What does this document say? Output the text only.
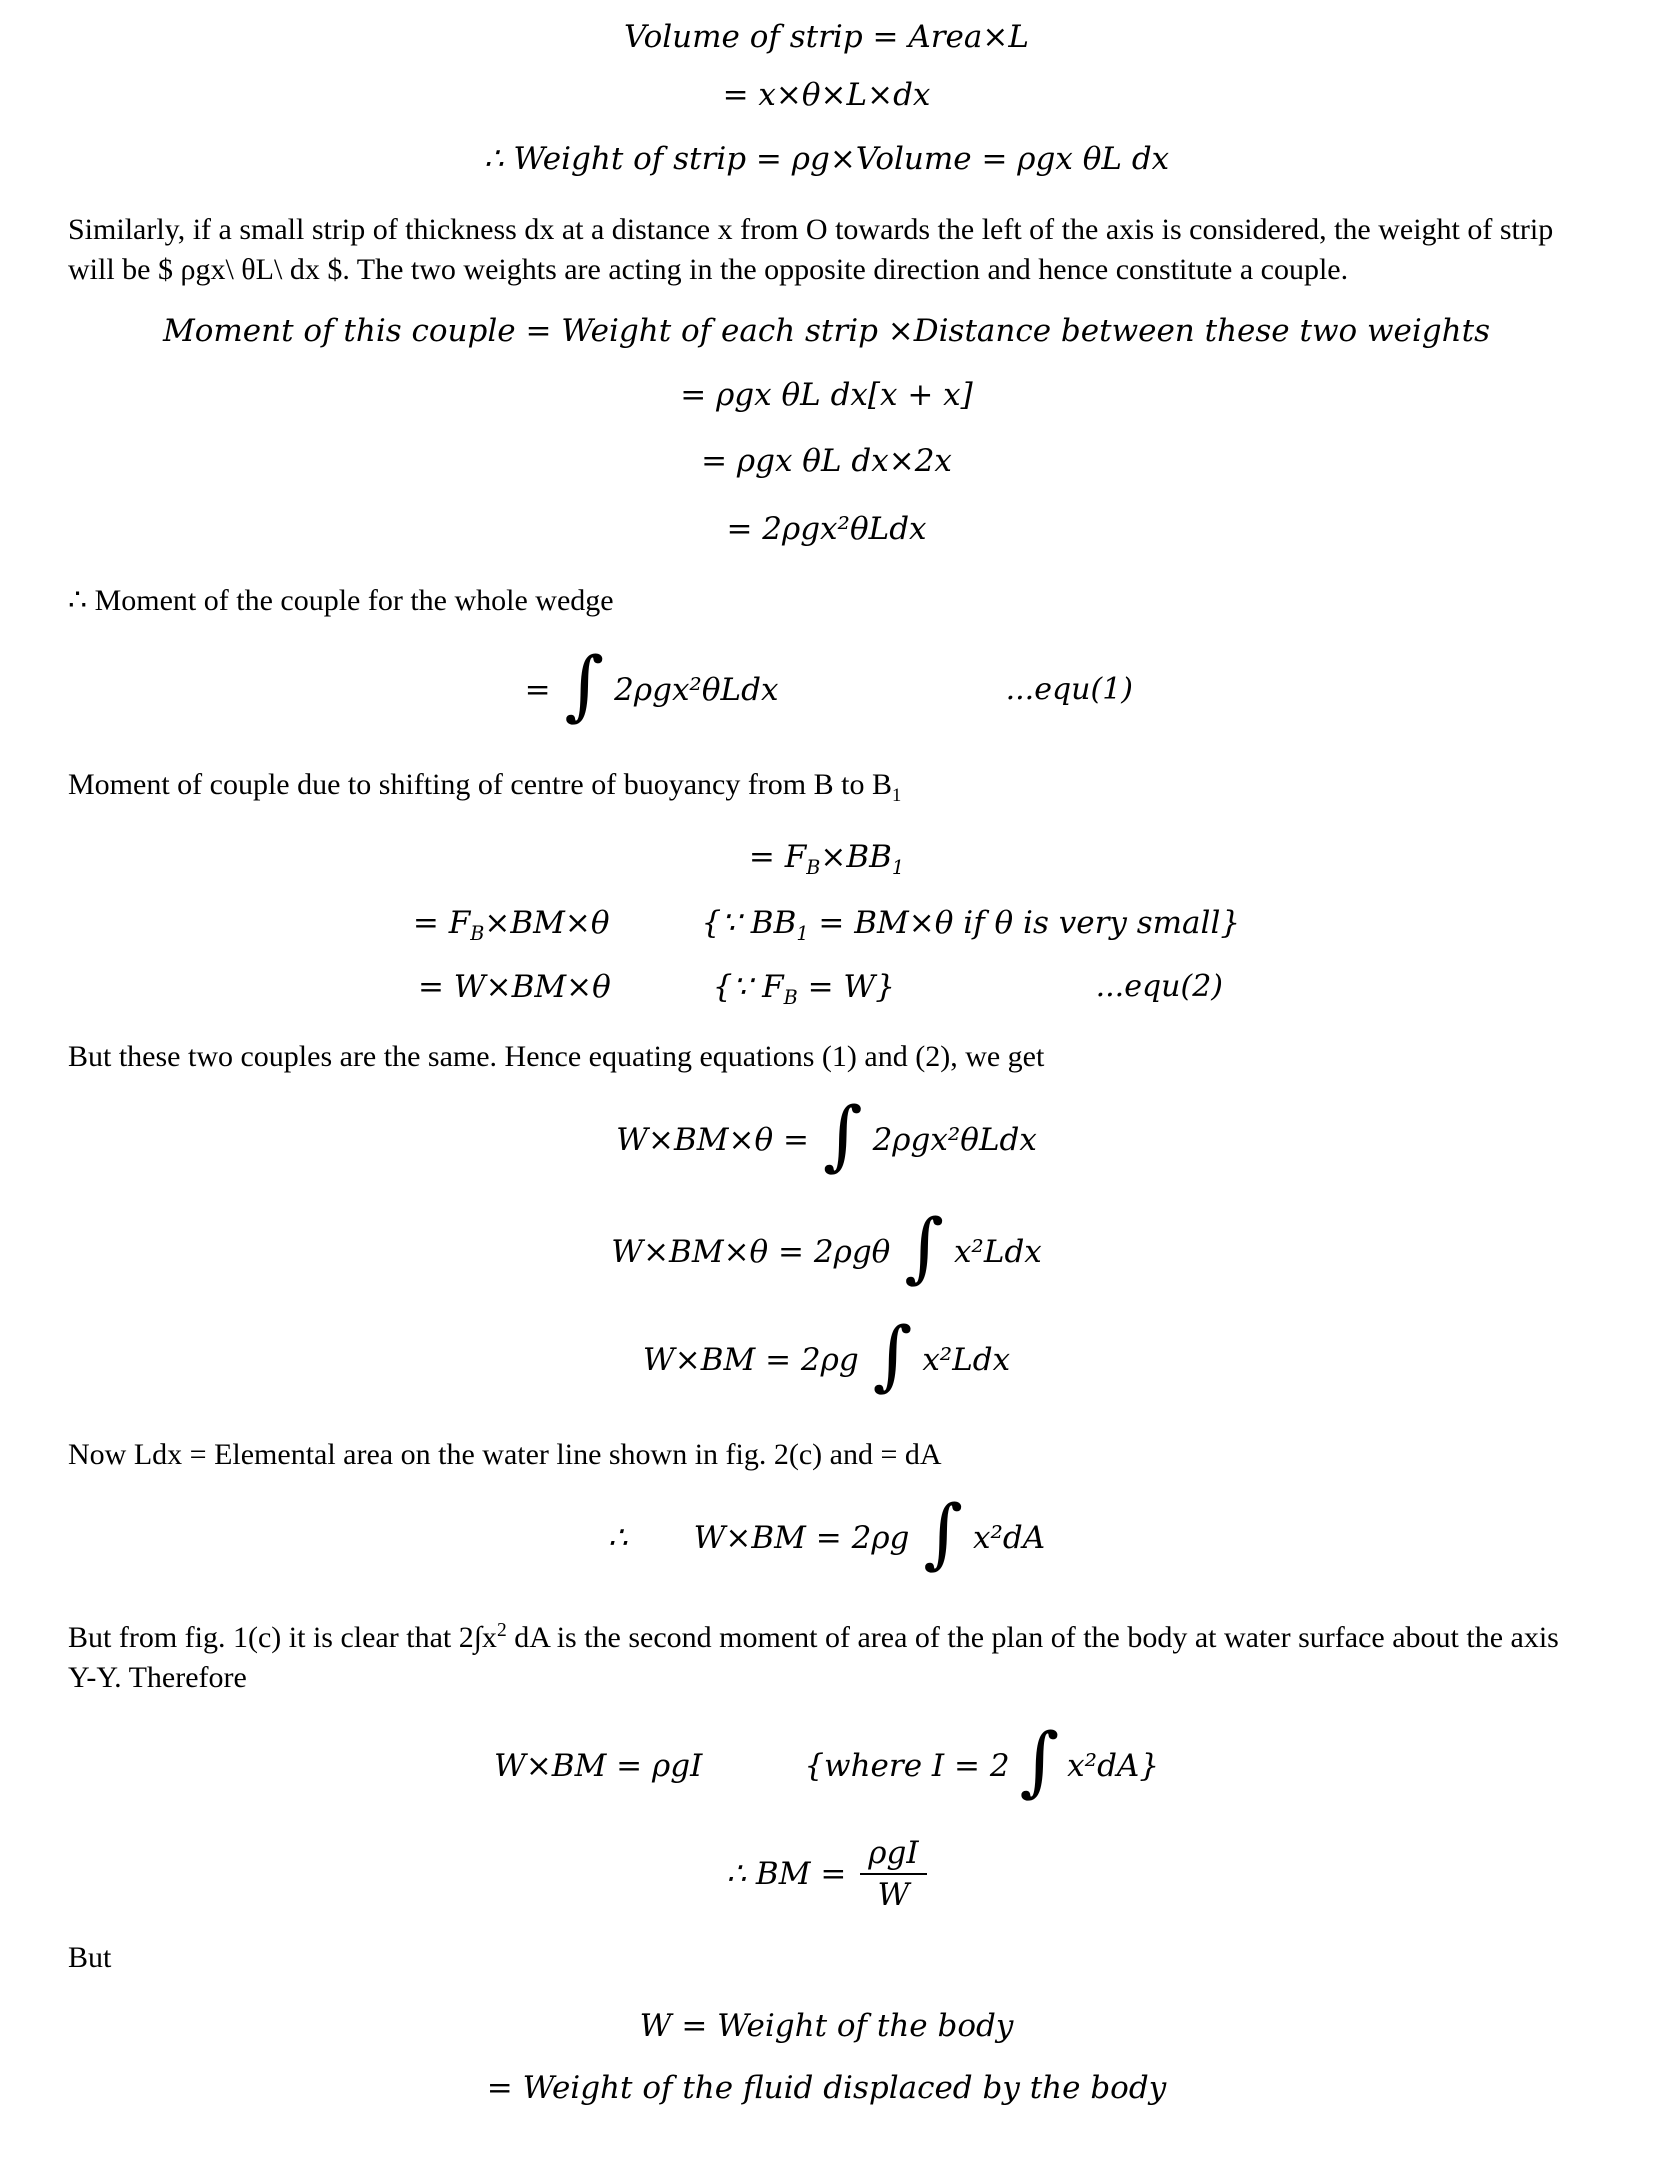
Volume of strip = Area×L
= x×θ×L×dx
∴ Weight of strip = ρg×Volume = ρgx θL dx
Similarly, if a small strip of thickness dx at a distance x from O towards the left of the axis is considered, the weight of strip will be $ ρgx\ θL\ dx $. The two weights are acting in the opposite direction and hence constitute a couple.
Moment of this couple = Weight of each strip ×Distance between these two weights
= ρgx θL dx[x + x]
= ρgx θL dx×2x
= 2ρgx²θLdx
∴ Moment of the couple for the whole wedge
= ∫ 2ρgx²θLdx	...equ(1)
Moment of couple due to shifting of centre of buoyancy from B to $B_1$
= $F_B\times BB_1$
= $F_B\times BM\times\theta$	{∵ $BB_1 = BM\times\theta$ if θ is very small}
= W×BM×θ	{∵ $F_B = W$}	...equ(2)
But these two couples are the same. Hence equating equations (1) and (2), we get
W×BM×θ = ∫ 2ρgx²θLdx
W×BM×θ = 2ρgθ ∫ x²Ldx
W×BM = 2ρg ∫ x²Ldx
Now Ldx = Elemental area on the water line shown in fig. 2(c) and = dA
∴ W×BM = 2ρg ∫ x²dA
But from fig. 1(c) it is clear that $2\int x^2$ dA is the second moment of area of the plan of the body at water surface about the axis Y-Y. Therefore
W×BM = ρgI	{where I = 2 ∫ x²dA}
∴ BM = $\frac{\text{ρgI}}{W}$
But
W = Weight of the body
= Weight of the fluid displaced by the body
